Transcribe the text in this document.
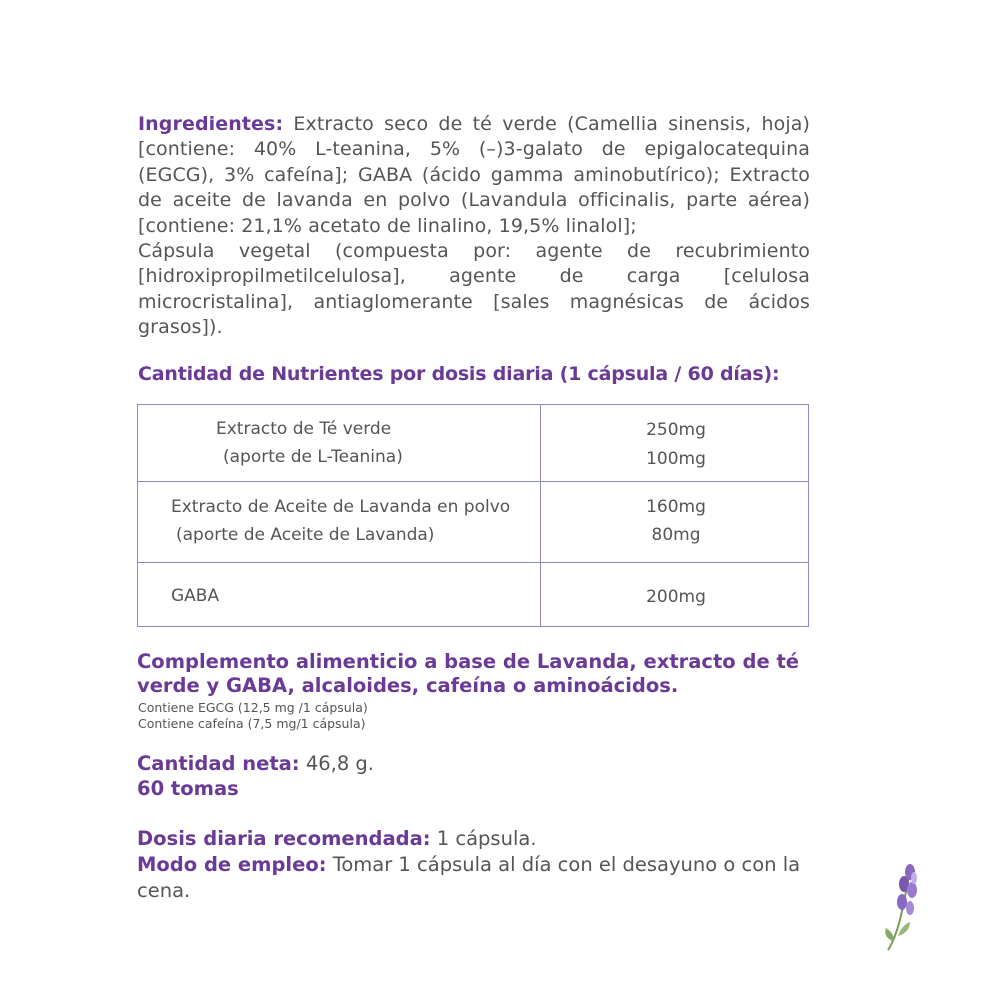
Ingredientes: Extracto seco de té verde (Camellia sinensis, hoja)
[contiene: 40% L-teanina, 5% (–)3-galato de epigalocatequina
(EGCG), 3% cafeína]; GABA (ácido gamma aminobutírico); Extracto
de aceite de lavanda en polvo (Lavandula officinalis, parte aérea)
[contiene: 21,1% acetato de linalino, 19,5% linalol];
Cápsula vegetal (compuesta por: agente de recubrimiento
[hidroxipropilmetilcelulosa], agente de carga [celulosa
microcristalina], antiaglomerante [sales magnésicas de ácidos
grasos]).
Cantidad de Nutrientes por dosis diaria (1 cápsula / 60 días):
Extracto de Té verde
(aporte de L-Teanina)
250mg
100mg
Extracto de Aceite de Lavanda en polvo
(aporte de Aceite de Lavanda)
160mg
80mg
GABA	200mg
Complemento alimenticio a base de Lavanda, extracto de té
verde y GABA, alcaloides, cafeína o aminoácidos.
Contiene EGCG (12,5 mg /1 cápsula)
Contiene cafeína (7,5 mg/1 cápsula)
Cantidad neta: 46,8 g.
60 tomas
Dosis diaria recomendada: 1 cápsula.
Modo de empleo: Tomar 1 cápsula al día con el desayuno o con la
cena.
